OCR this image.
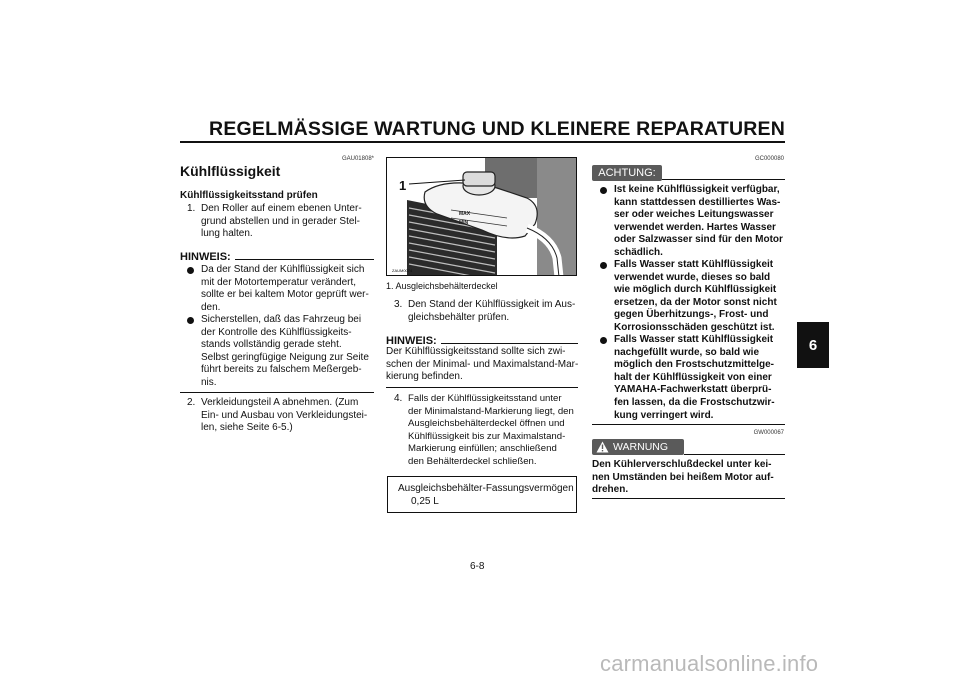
REGELMÄSSIGE WARTUNG UND KLEINERE REPARATUREN
6
GAU01808*
Kühlflüssigkeit
Kühlflüssigkeitsstand prüfen
1. Den Roller auf einem ebenen Unter-

grund abstellen und in gerader Stel-

lung halten.

HINWEIS:

Da der Stand der Kühlflüssigkeit sich

mit der Motortemperatur verändert,

sollte er bei kaltem Motor geprüft wer-

den.

Sicherstellen, daß das Fahrzeug bei

der Kontrolle des Kühlflüssigkeits-

stands vollständig gerade steht.

Selbst geringfügige Neigung zur Seite

führt bereits zu falschem Meßergeb-

nis.

2. Verkleidungsteil A abnehmen. (Zum

Ein- und Ausbau von Verkleidungstei-

len, siehe Seite 6-5.)

MAX
MIN
1
ZAUM0074
1. Ausgleichsbehälterdeckel
3. Den Stand der Kühlflüssigkeit im Aus-

gleichsbehälter prüfen.

HINWEIS:

Der Kühlflüssigkeitsstand sollte sich zwi-

schen der Minimal- und Maximalstand-Mar-

kierung befinden.

4. Falls der Kühlflüssigkeitsstand unter

der Minimalstand-Markierung liegt, den

Ausgleichsbehälterdeckel öffnen und

Kühlflüssigkeit bis zur Maximalstand-

Markierung einfüllen; anschließend

den Behälterdeckel schließen.

Ausgleichsbehälter-Fassungsvermögen

0,25 L

GC000080
ACHTUNG:

Ist keine Kühlflüssigkeit verfügbar,

kann stattdessen destilliertes Was-

ser oder weiches Leitungswasser

verwendet werden. Hartes Wasser

oder Salzwasser sind für den Motor

schädlich.

Falls Wasser statt Kühlflüssigkeit

verwendet wurde, dieses so bald

wie möglich durch Kühlflüssigkeit

ersetzen, da der Motor sonst nicht

gegen Überhitzungs-, Frost- und

Korrosionsschäden geschützt ist.

Falls Wasser statt Kühlflüssigkeit

nachgefüllt wurde, so bald wie

möglich den Frostschutzmittelge-

halt der Kühlflüssigkeit von einer

YAMAHA-Fachwerkstatt überprü-

fen lassen, da die Frostschutzwir-

kung verringert wird.

GW000067
WARNUNG

Den Kühlerverschlußdeckel unter kei-

nen Umständen bei heißem Motor auf-

drehen.

6-8
carmanualsonline.info
